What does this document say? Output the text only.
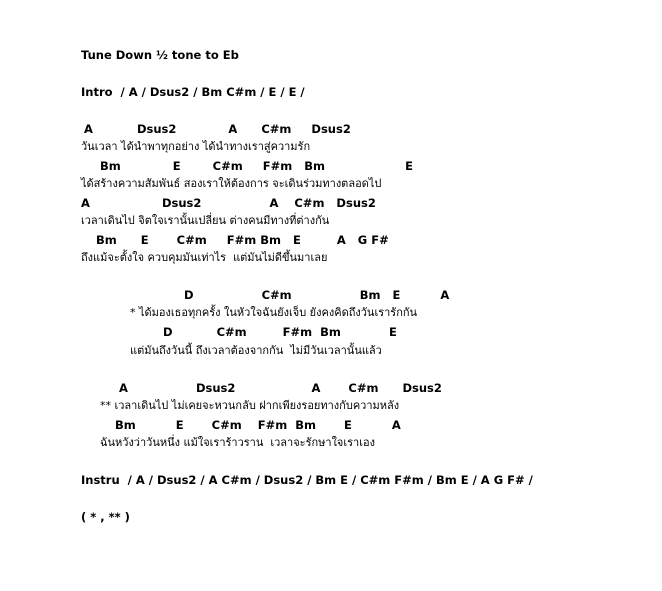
Tune Down ½ tone to Eb
Intro  / A / Dsus2 / Bm C#m / E / E /
A           Dsus2             A      C#m     Dsus2
วันเวลา ได้นำพาทุกอย่าง ได้นำทางเราสู่ความรัก
Bm             E        C#m     F#m   Bm                    E
ได้สร้างความสัมพันธ์ สองเราให้ต้องการ จะเดินร่วมทางตลอดไป
A                  Dsus2                 A    C#m   Dsus2
เวลาเดินไป จิตใจเรานั้นเปลี่ยน ต่างคนมีทางที่ต่างกัน
Bm      E       C#m     F#m Bm   E         A   G F#
ถึงแม้จะตั้งใจ ควบคุมมันเท่าไร  แต่มันไม่ดีขึ้นมาเลย
D                 C#m                 Bm   E          A
* ได้มองเธอทุกครั้ง ในหัวใจฉันยังเจ็บ ยังคงคิดถึงวันเรารักกัน
D           C#m         F#m  Bm            E
แต่มันถึงวันนี้ ถึงเวลาต้องจากกัน  ไม่มีวันเวลานั้นแล้ว
A                 Dsus2                   A       C#m      Dsus2
** เวลาเดินไป ไม่เคยจะหวนกลับ ฝากเพียงรอยทางกับความหลัง
Bm          E       C#m    F#m  Bm       E          A
ฉันหวังว่าวันหนึ่ง แม้ใจเราร้าวราน  เวลาจะรักษาใจเราเอง
Instru  / A / Dsus2 / A C#m / Dsus2 / Bm E / C#m F#m / Bm E / A G F# /
( * , ** )
